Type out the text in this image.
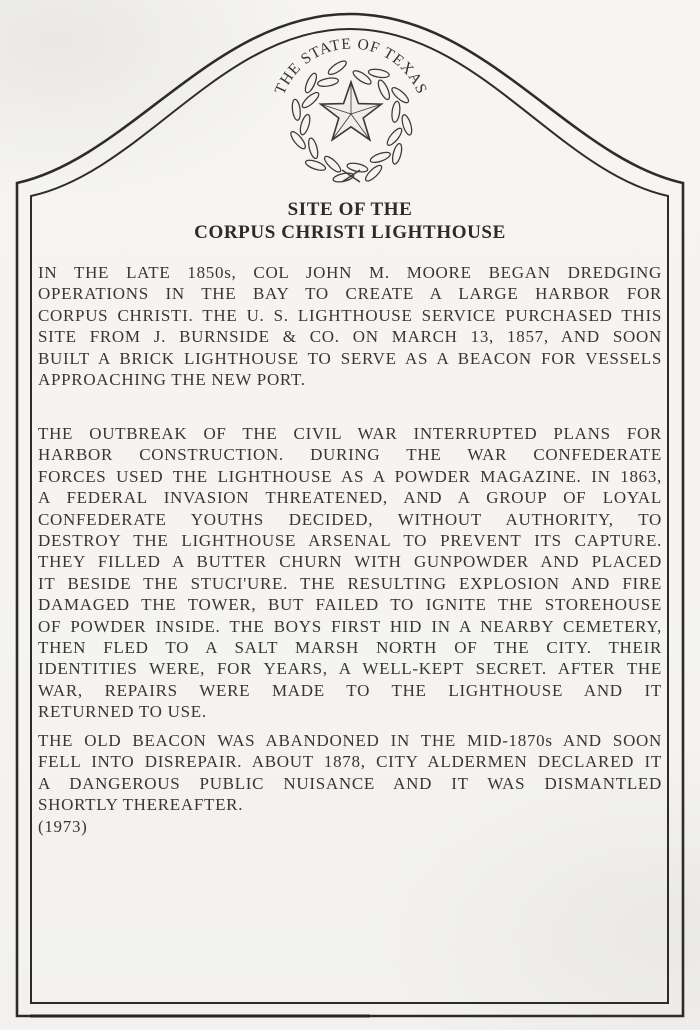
THE STATE OF TEXAS
SITE OF THE
CORPUS CHRISTI LIGHTHOUSE
IN THE LATE 1850s, COL JOHN M. MOORE BEGAN DREDGING
OPERATIONS IN THE BAY TO CREATE A LARGE HARBOR FOR
CORPUS CHRISTI. THE U. S. LIGHTHOUSE SERVICE PURCHASED THIS
SITE FROM J. BURNSIDE & CO. ON MARCH 13, 1857, AND SOON
BUILT A BRICK LIGHTHOUSE TO SERVE AS A BEACON FOR VESSELS
APPROACHING THE NEW PORT.
THE OUTBREAK OF THE CIVIL WAR INTERRUPTED PLANS FOR
HARBOR CONSTRUCTION. DURING THE WAR CONFEDERATE
FORCES USED THE LIGHTHOUSE AS A POWDER MAGAZINE. IN 1863,
A FEDERAL INVASION THREATENED, AND A GROUP OF LOYAL
CONFEDERATE YOUTHS DECIDED, WITHOUT AUTHORITY, TO
DESTROY THE LIGHTHOUSE ARSENAL TO PREVENT ITS CAPTURE.
THEY FILLED A BUTTER CHURN WITH GUNPOWDER AND PLACED
IT BESIDE THE STUCI'URE. THE RESULTING EXPLOSION AND FIRE
DAMAGED THE TOWER, BUT FAILED TO IGNITE THE STOREHOUSE
OF POWDER INSIDE. THE BOYS FIRST HID IN A NEARBY CEMETERY,
THEN FLED TO A SALT MARSH NORTH OF THE CITY. THEIR
IDENTITIES WERE, FOR YEARS, A WELL-KEPT SECRET. AFTER THE
WAR, REPAIRS WERE MADE TO THE LIGHTHOUSE AND IT
RETURNED TO USE.
THE OLD BEACON WAS ABANDONED IN THE MID-1870s AND SOON
FELL INTO DISREPAIR. ABOUT 1878, CITY ALDERMEN DECLARED IT
A DANGEROUS PUBLIC NUISANCE AND IT WAS DISMANTLED
SHORTLY THEREAFTER.
(1973)
